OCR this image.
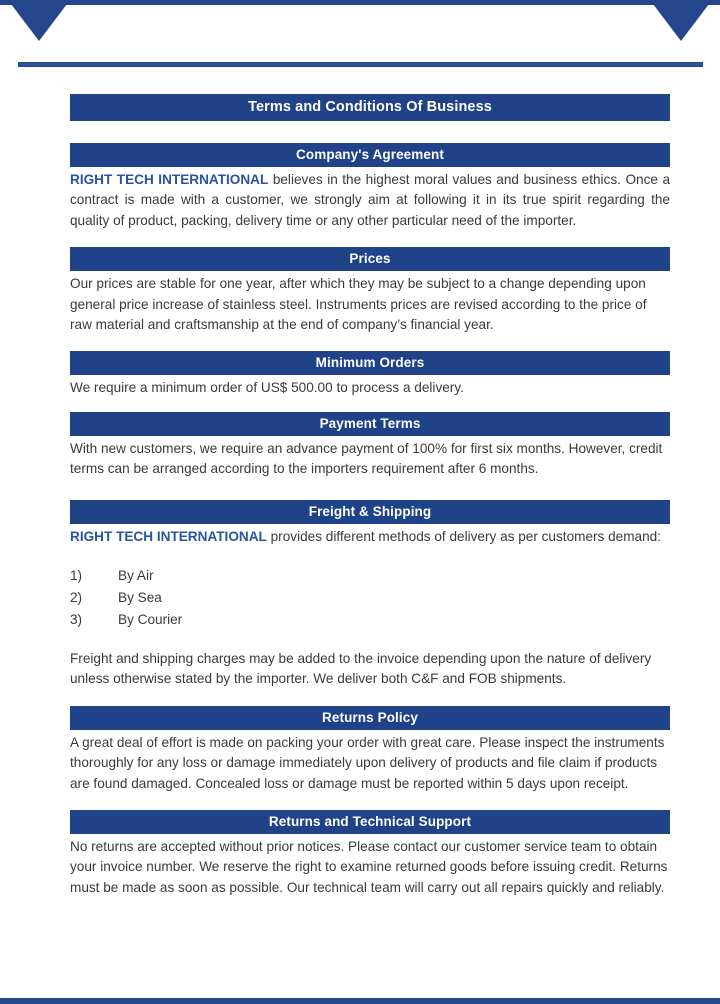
Terms and Conditions Of Business
Company's Agreement

RIGHT TECH INTERNATIONAL believes in the highest moral values and business ethics. Once a contract is made with a customer, we strongly aim at following it in its true spirit regarding the quality of product, packing, delivery time or any other particular need of the importer.

Prices

Our prices are stable for one year, after which they may be subject to a change depending upon general price increase of stainless steel. Instruments prices are revised according to the price of raw material and craftsmanship at the end of company’s financial year.

Minimum Orders

We require a minimum order of US$ 500.00 to process a delivery.

Payment Terms

With new customers, we require an advance payment of 100% for first six months. However, credit terms can be arranged according to the importers requirement after 6 months.

Freight & Shipping

RIGHT TECH INTERNATIONAL provides different methods of delivery as per customers demand:

1)	By Air
2)	By Sea
3)	By Courier

Freight and shipping charges may be added to the invoice depending upon the nature of delivery unless otherwise stated by the importer. We deliver both C&F and FOB shipments.

Returns Policy

A great deal of effort is made on packing your order with great care. Please inspect the instruments thoroughly for any loss or damage immediately upon delivery of products and file claim if products are found damaged. Concealed loss or damage must be reported within 5 days upon receipt.

Returns and Technical Support

No returns are accepted without prior notices. Please contact our customer service team to obtain your invoice number. We reserve the right to examine returned goods before issuing credit. Returns must be made as soon as possible. Our technical team will carry out all repairs quickly and reliably.
